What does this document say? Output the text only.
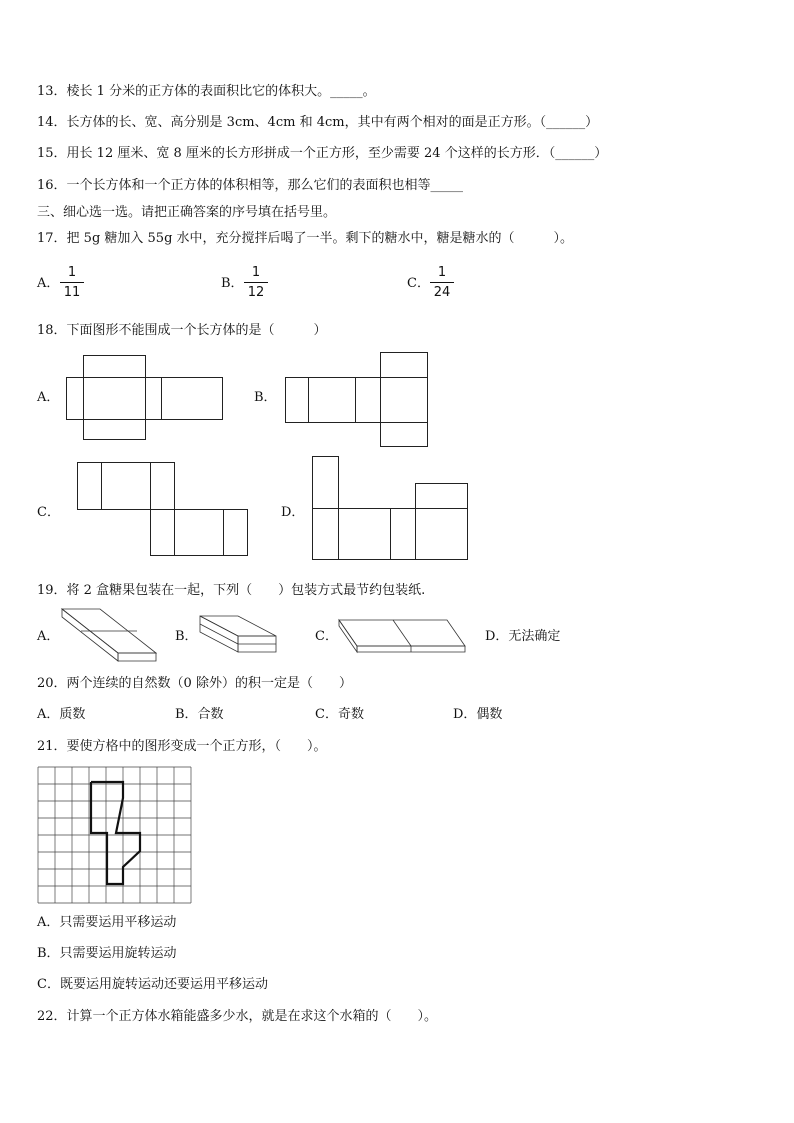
13．棱长 1 分米的正方体的表面积比它的体积大。_____。
14．长方体的长、宽、高分别是 3cm、4cm 和 4cm，其中有两个相对的面是正方形。（______）
15．用长 12 厘米、宽 8 厘米的长方形拼成一个正方形，至少需要 24 个这样的长方形．（______）
16．一个长方体和一个正方体的体积相等，那么它们的表面积也相等_____
三、细心选一选。请把正确答案的序号填在括号里。
17．把 5g 糖加入 55g 水中，充分搅拌后喝了一半。剩下的糖水中，糖是糖水的（　　　）。
A．
1
11
B．
1
12
C．
1
24
18．下面图形不能围成一个长方体的是（　　　）
A．	B．
C．	D．
19．将 2 盒糖果包装在一起，下列（　　）包装方式最节约包装纸.
A．	B．	C．	D．无法确定
20．两个连续的自然数（0 除外）的积一定是（　　）
A．质数	B．合数	C．奇数	D．偶数
21．要使方格中的图形变成一个正方形，（　　）。
A．只需要运用平移运动
B．只需要运用旋转运动
C．既要运用旋转运动还要运用平移运动
22．计算一个正方体水箱能盛多少水，就是在求这个水箱的（　　）。
